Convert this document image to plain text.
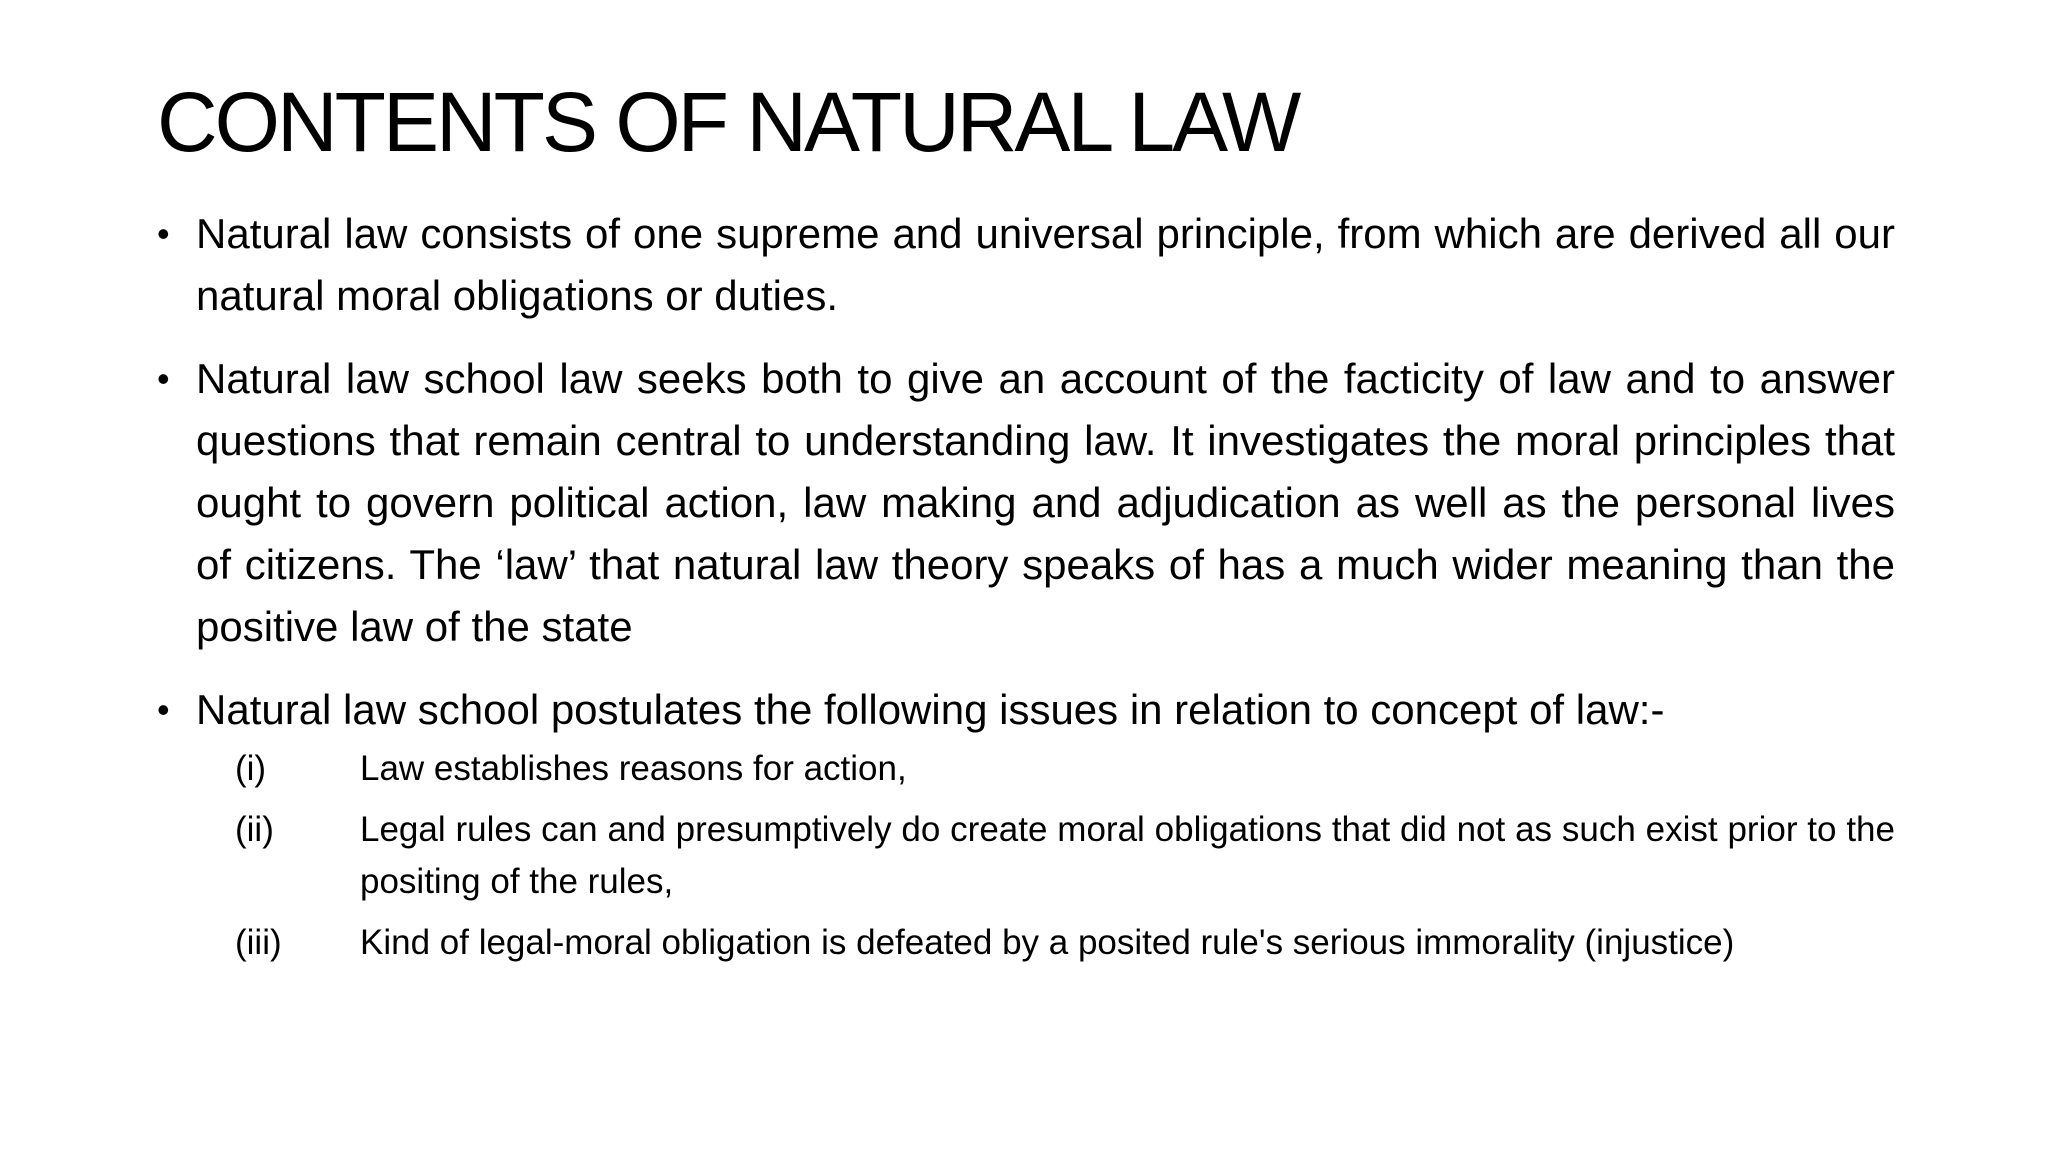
CONTENTS OF NATURAL LAW
• Natural law consists of one supreme and universal principle, from which are derived all our natural moral obligations or duties.
• Natural law school law seeks both to give an account of the facticity of law and to answer questions that remain central to understanding law. It investigates the moral principles that ought to govern political action, law making and adjudication as well as the personal lives of citizens. The ‘law’ that natural law theory speaks of has a much wider meaning than the positive law of the state
• Natural law school postulates the following issues in relation to concept of law:-
(i)	Law establishes reasons for action,
(ii) Legal rules can and presumptively do create moral obligations that did not as such exist prior to the positing of the rules,
(iii) Kind of legal-moral obligation is defeated by a posited rule's serious immorality (injustice)
